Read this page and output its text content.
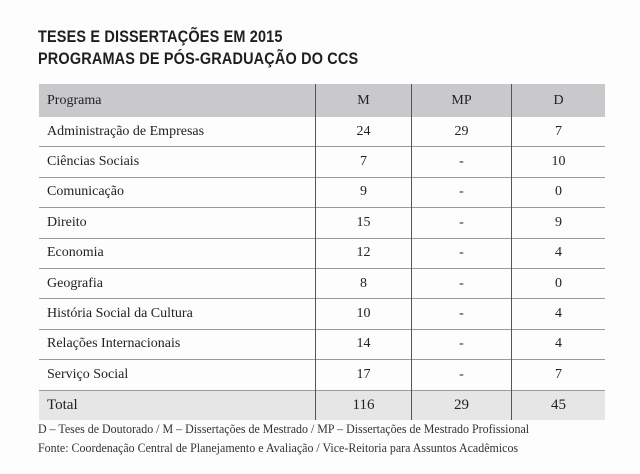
TESES E DISSERTAÇÕES EM 2015
PROGRAMAS DE PÓS-GRADUAÇÃO DO CCS
Programa	M	MP	D
Administração de Empresas	24	29	7
Ciências Sociais	7	-	10
Comunicação	9	-	0
Direito	15	-	9
Economia	12	-	4
Geografia	8	-	0
História Social da Cultura	10	-	4
Relações Internacionais	14	-	4
Serviço Social	17	-	7
Total	116	29	45
D – Teses de Doutorado / M – Dissertações de Mestrado / MP – Dissertações de Mestrado Profissional
Fonte: Coordenação Central de Planejamento e Avaliação / Vice-Reitoria para Assuntos Acadêmicos
